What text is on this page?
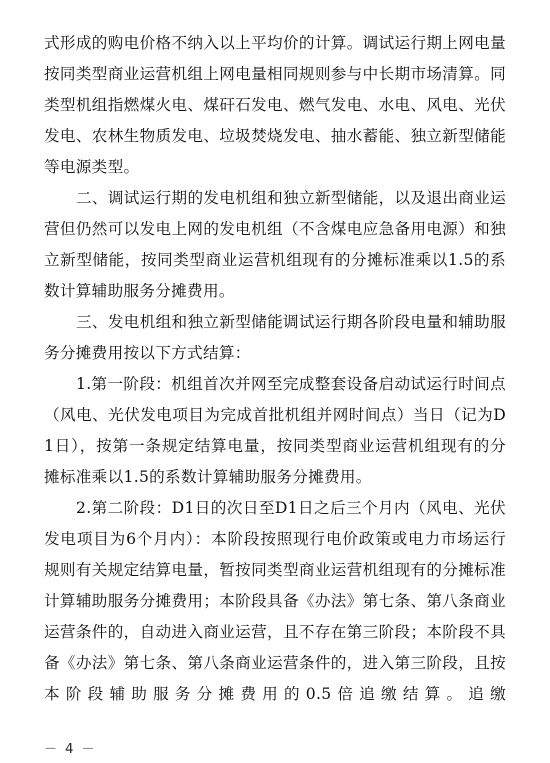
式形成的购电价格不纳入以上平均价的计算。调试运行期上网电量按同类型商业运营机组上网电量相同规则参与中长期市场清算。同类型机组指燃煤火电、煤矸石发电、燃气发电、水电、风电、光伏发电、农林生物质发电、垃圾焚烧发电、抽水蓄能、独立新型储能等电源类型。

二、调试运行期的发电机组和独立新型储能，以及退出商业运营但仍然可以发电上网的发电机组（不含煤电应急备用电源）和独立新型储能，按同类型商业运营机组现有的分摊标准乘以1.5的系数计算辅助服务分摊费用。

三、发电机组和独立新型储能调试运行期各阶段电量和辅助服务分摊费用按以下方式结算：

1.第一阶段：机组首次并网至完成整套设备启动试运行时间点（风电、光伏发电项目为完成首批机组并网时间点）当日（记为D1日），按第一条规定结算电量，按同类型商业运营机组现有的分摊标准乘以1.5的系数计算辅助服务分摊费用。

2.第二阶段：D1日的次日至D1日之后三个月内（风电、光伏发电项目为6个月内）：本阶段按照现行电价政策或电力市场运行规则有关规定结算电量，暂按同类型商业运营机组现有的分摊标准计算辅助服务分摊费用；本阶段具备《办法》第七条、第八条商业运营条件的，自动进入商业运营，且不存在第三阶段；本阶段不具备《办法》第七条、第八条商业运营条件的，进入第三阶段，且按本阶段辅助服务分摊费用的0.5倍追缴结算。追缴

－ 4 －
